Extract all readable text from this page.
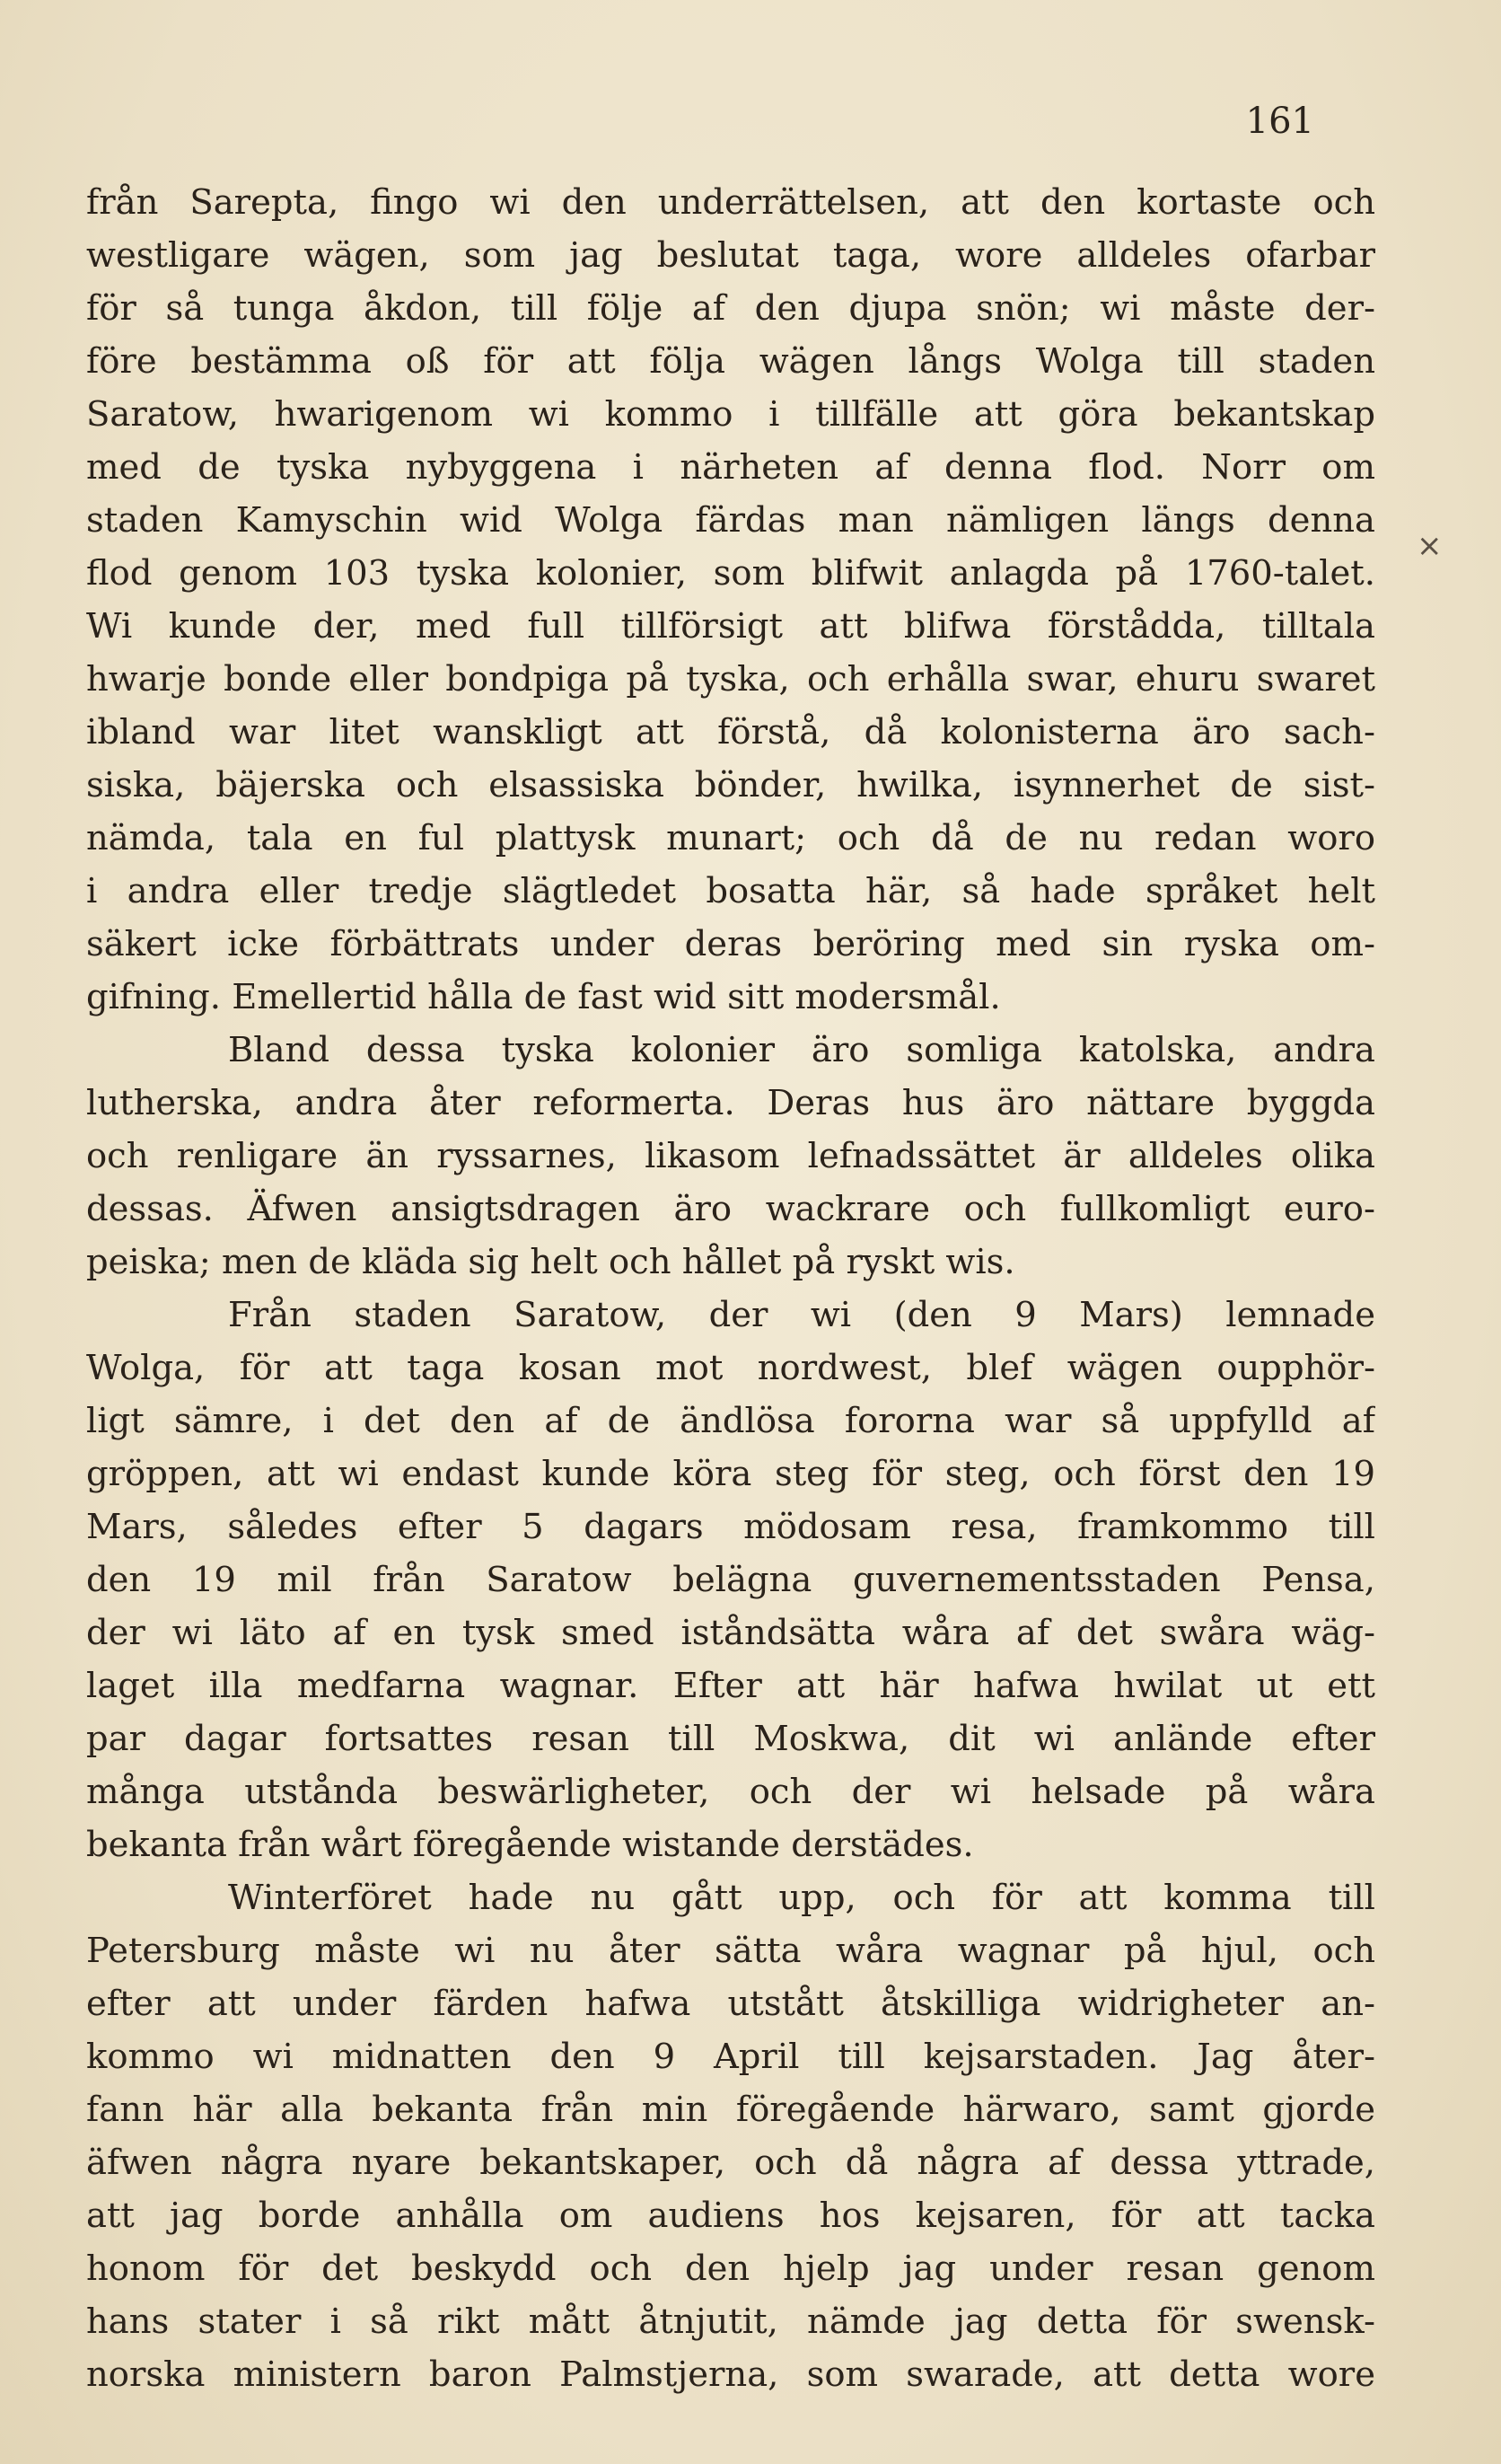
161
×
från Sarepta, fingo wi den underrättelsen, att den kortaste och
westligare wägen, som jag beslutat taga, wore alldeles ofarbar
för så tunga åkdon, till följe af den djupa snön; wi måste der-
före bestämma oß för att följa wägen långs Wolga till staden
Saratow, hwarigenom wi kommo i tillfälle att göra bekantskap
med de tyska nybyggena i närheten af denna flod. Norr om
staden Kamyschin wid Wolga färdas man nämligen längs denna
flod genom 103 tyska kolonier, som blifwit anlagda på 1760-talet.
Wi kunde der, med full tillförsigt att blifwa förstådda, tilltala
hwarje bonde eller bondpiga på tyska, och erhålla swar, ehuru swaret
ibland war litet wanskligt att förstå, då kolonisterna äro sach-
siska, bäjerska och elsassiska bönder, hwilka, isynnerhet de sist-
nämda, tala en ful plattysk munart; och då de nu redan woro
i andra eller tredje slägtledet bosatta här, så hade språket helt
säkert icke förbättrats under deras beröring med sin ryska om-
gifning. Emellertid hålla de fast wid sitt modersmål.
Bland dessa tyska kolonier äro somliga katolska, andra
lutherska, andra åter reformerta. Deras hus äro nättare byggda
och renligare än ryssarnes, likasom lefnadssättet är alldeles olika
dessas. Äfwen ansigtsdragen äro wackrare och fullkomligt euro-
peiska; men de kläda sig helt och hållet på ryskt wis.
Från staden Saratow, der wi (den 9 Mars) lemnade
Wolga, för att taga kosan mot nordwest, blef wägen oupphör-
ligt sämre, i det den af de ändlösa fororna war så uppfylld af
gröppen, att wi endast kunde köra steg för steg, och först den 19
Mars, således efter 5 dagars mödosam resa, framkommo till
den 19 mil från Saratow belägna guvernementsstaden Pensa,
der wi läto af en tysk smed iståndsätta wåra af det swåra wäg-
laget illa medfarna wagnar. Efter att här hafwa hwilat ut ett
par dagar fortsattes resan till Moskwa, dit wi anlände efter
många utstånda beswärligheter, och der wi helsade på wåra
bekanta från wårt föregående wistande derstädes.
Winterföret hade nu gått upp, och för att komma till
Petersburg måste wi nu åter sätta wåra wagnar på hjul, och
efter att under färden hafwa utstått åtskilliga widrigheter an-
kommo wi midnatten den 9 April till kejsarstaden. Jag åter-
fann här alla bekanta från min föregående härwaro, samt gjorde
äfwen några nyare bekantskaper, och då några af dessa yttrade,
att jag borde anhålla om audiens hos kejsaren, för att tacka
honom för det beskydd och den hjelp jag under resan genom
hans stater i så rikt mått åtnjutit, nämde jag detta för swensk-
norska ministern baron Palmstjerna, som swarade, att detta wore
